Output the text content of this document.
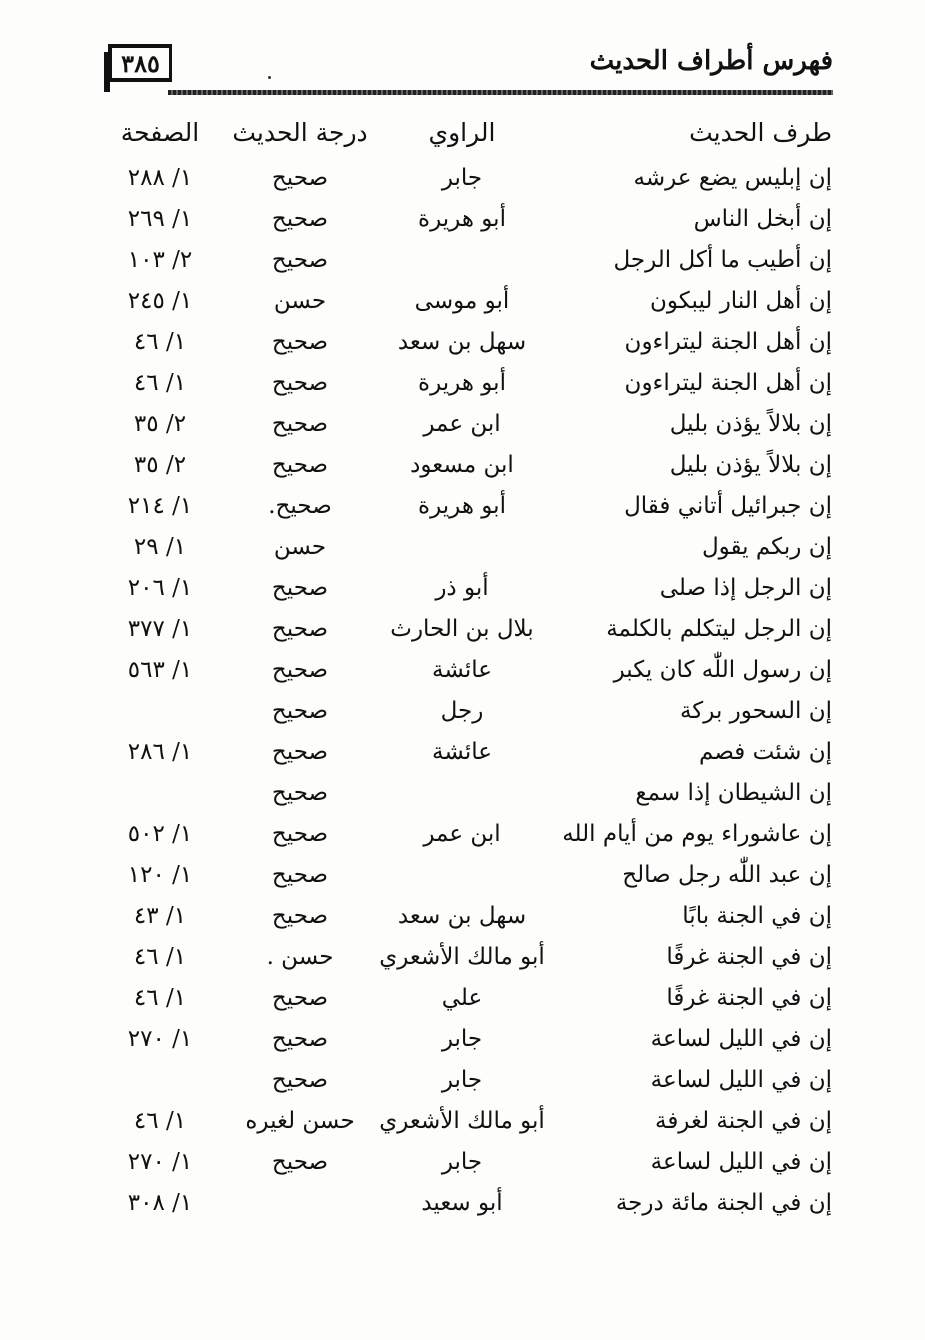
٣٨٥	فهرس أطراف الحديث
طرف الحديث
الراوي
درجة الحديث
الصفحة
إن إبليس يضع عرشه
جابر
صحيح
١/ ٢٨٨
إن أبخل الناس
أبو هريرة
صحيح
١/ ٢٦٩
إن أطيب ما أكل الرجل
صحيح
٢/ ١٠٣
إن أهل النار ليبكون
أبو موسى
حسن
١/ ٢٤٥
إن أهل الجنة ليتراءون
سهل بن سعد
صحيح
١/ ٤٦
إن أهل الجنة ليتراءون
أبو هريرة
صحيح
١/ ٤٦
إن بلالاً يؤذن بليل
ابن عمر
صحيح
٢/ ٣٥
إن بلالاً يؤذن بليل
ابن مسعود
صحيح
٢/ ٣٥
إن جبرائيل أتاني فقال
أبو هريرة
صحيح.
١/ ٢١٤
إن ربكم يقول
حسن
١/ ٢٩
إن الرجل إذا صلى
أبو ذر
صحيح
١/ ٢٠٦
إن الرجل ليتكلم بالكلمة
بلال بن الحارث
صحيح
١/ ٣٧٧
إن رسول اللّٰه كان يكبر
عائشة
صحيح
١/ ٥٦٣
إن السحور بركة
رجل
صحيح
إن شئت فصم
عائشة
صحيح
١/ ٢٨٦
إن الشيطان إذا سمع
صحيح
إن عاشوراء يوم من أيام الله
ابن عمر
صحيح
١/ ٥٠٢
إن عبد اللّٰه رجل صالح
صحيح
١/ ١٢٠
إن في الجنة بابًا
سهل بن سعد
صحيح
١/ ٤٣
إن في الجنة غرفًا
أبو مالك الأشعري
حسن .
١/ ٤٦
إن في الجنة غرفًا
علي
صحيح
١/ ٤٦
إن في الليل لساعة
جابر
صحيح
١/ ٢٧٠
إن في الليل لساعة
جابر
صحيح
إن في الجنة لغرفة
أبو مالك الأشعري
حسن لغيره
١/ ٤٦
إن في الليل لساعة
جابر
صحيح
١/ ٢٧٠
إن في الجنة مائة درجة
أبو سعيد
١/ ٣٠٨
